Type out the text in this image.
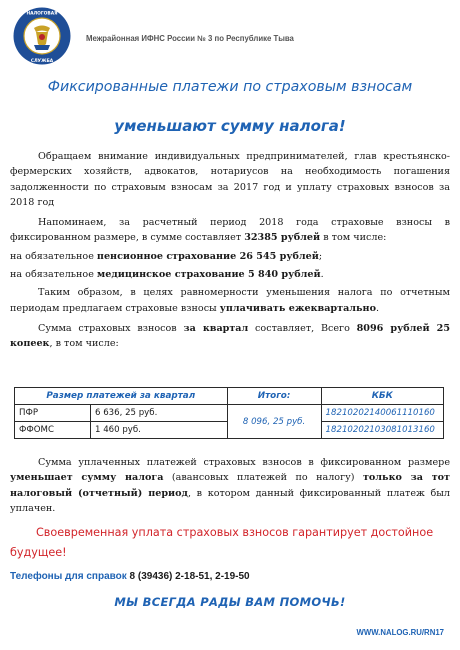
НАЛОГОВАЯ
СЛУЖБА
Межрайонная ИФНС России № 3 по Республике Тыва
Фиксированные платежи по страховым взносам
уменьшают сумму налога!

Обращаем внимание индивидуальных предпринимателей, глав крестьянско-фермерских хозяйств, адвокатов, нотариусов на необходимость погашения задолженности по страховым взносам за 2017 год и уплату страховых взносов за 2018 год

Напоминаем, за расчетный период 2018 года страховые взносы в фиксированном размере, в сумме составляет 32385 рублей в том числе:

на обязательное пенсионное страхование 26 545 рублей;

на обязательное медицинское страхование 5 840 рублей.

Таким образом, в целях равномерности уменьшения налога по отчетным периодам предлагаем страховые взносы уплачивать ежеквартально.

Сумма страховых взносов за квартал составляет, Всего 8096 рублей 25 копеек, в том числе:

Размер платежей за квартал		Итого:	КБК
ПФР	6 636, 25 руб.	8 096, 25 руб.	18210202140061110160
ФФОМС	1 460 руб.		18210202103081013160

Сумма уплаченных платежей страховых взносов в фиксированном размере уменьшает сумму налога (авансовых платежей по налогу) только за тот налоговый (отчетный) период, в котором данный фиксированный платеж был уплачен.

Своевременная уплата страховых взносов гарантирует достойное будущее!
Телефоны для справок 8 (39436) 2-18-51, 2-19-50
МЫ ВСЕГДА РАДЫ ВАМ ПОМОЧЬ!
WWW.NALOG.RU/RN17
